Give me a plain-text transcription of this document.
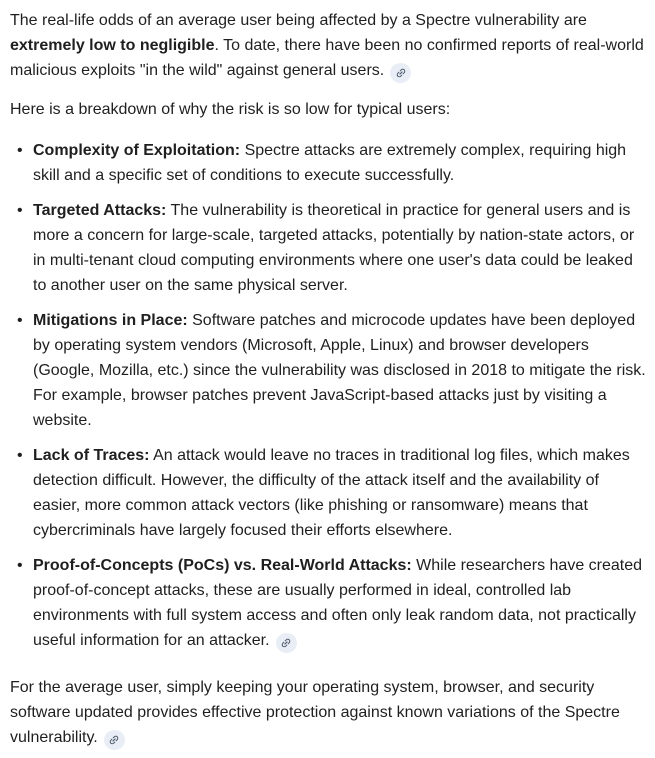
The real-life odds of an average user being affected by a Spectre vulnerability are extremely low to negligible. To date, there have been no confirmed reports of real-world malicious exploits "in the wild" against general users.

Here is a breakdown of why the risk is so low for typical users:

• Complexity of Exploitation: Spectre attacks are extremely complex, requiring high skill and a specific set of conditions to execute successfully.
• Targeted Attacks: The vulnerability is theoretical in practice for general users and is more a concern for large-scale, targeted attacks, potentially by nation-state actors, or in multi-tenant cloud computing environments where one user's data could be leaked to another user on the same physical server.
• Mitigations in Place: Software patches and microcode updates have been deployed by operating system vendors (Microsoft, Apple, Linux) and browser developers (Google, Mozilla, etc.) since the vulnerability was disclosed in 2018 to mitigate the risk. For example, browser patches prevent JavaScript-based attacks just by visiting a website.
• Lack of Traces: An attack would leave no traces in traditional log files, which makes detection difficult. However, the difficulty of the attack itself and the availability of easier, more common attack vectors (like phishing or ransomware) means that cybercriminals have largely focused their efforts elsewhere.
• Proof-of-Concepts (PoCs) vs. Real-World Attacks: While researchers have created proof-of-concept attacks, these are usually performed in ideal, controlled lab environments with full system access and often only leak random data, not practically useful information for an attacker.

For the average user, simply keeping your operating system, browser, and security software updated provides effective protection against known variations of the Spectre vulnerability.
